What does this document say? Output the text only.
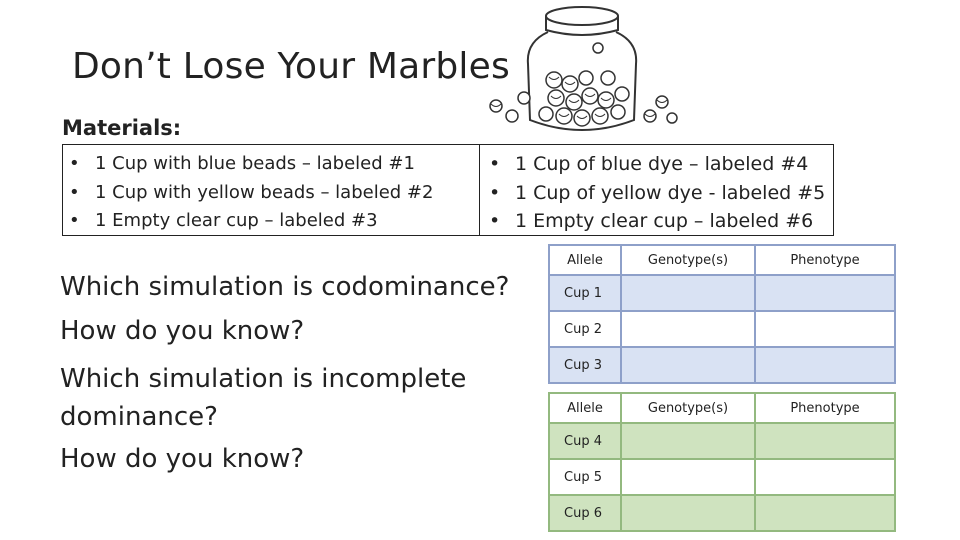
Don’t Lose Your Marbles
Materials:
• 1 Cup with blue beads – labeled #1
• 1 Cup with yellow beads – labeled #2
• 1 Empty clear cup – labeled #3
• 1 Cup of blue dye – labeled #4
• 1 Cup of yellow dye - labeled #5
• 1 Empty clear cup – labeled #6
Which simulation is codominance?
How do you know?
Which simulation is incomplete
dominance?
How do you know?
Allele	Genotype(s)	Phenotype
Cup 1		
Cup 2		
Cup 3		
Allele	Genotype(s)	Phenotype
Cup 4		
Cup 5		
Cup 6		
